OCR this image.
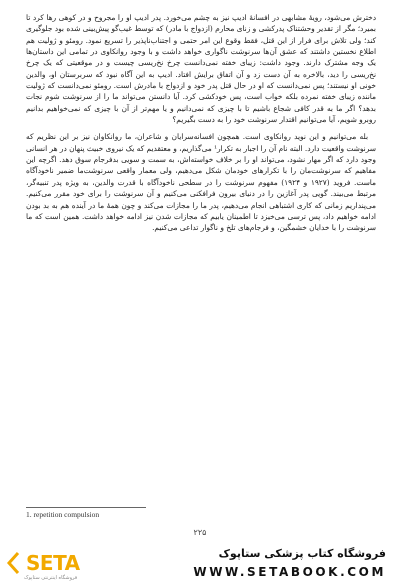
دخترش می‌شود، رویهٔ مشابهی در افسانهٔ ادیپ نیز به چشم می‌خورد. پدر ادیپ او را مجروح و در کوهی رها کرد تا بمیرد؛ مگر از تقدیر وحشتناک پدرکشی و زنای محارم (ازدواج با مادر) که توسط غیب‌گو پیش‌بینی شده بود جلوگیری کند؛ ولی تلاش برای فرار از این قتل، فقط وقوع این امر حتمی و اجتناب‌ناپذیر را تسریع نمود. رومئو و ژولیت هم اطلاع نخستین داشتند که عشق آن‌ها سرنوشت ناگواری خواهد داشت و با وجود روانکاوی در تمامی این داستان‌ها یک وجه مشترک دارند. وجود داشت: زیبای خفته نمی‌دانست چرخ نخ‌ریسی چیست و در موقعیتی که یک چرخ نخ‌ریسی را دید، بالاخره به آن دست زد و آن اتفاق برایش افتاد. ادیپ به این آگاه نبود که سربرستان او، والدین خونی او نیستند؛ پس نمی‌دانست که او در حال قتل پدر خود و ازدواج با مادرش است. رومئو نمی‌دانست که ژولیت ماننده زیبای خفته نمرده بلکه خواب است، پس خودکشی کرد. آیا دانستن می‌تواند ما را از سرنوشت شوم نجات بدهد؟ اگر ما به قدر کافی شجاع باشیم تا با چیزی که نمی‌دانیم و یا مهم‌تر از آن با چیزی که نمی‌خواهیم بدانیم روبرو شویم، آیا می‌توانیم اقتدار سرنوشت خود را به دست بگیریم؟

بله می‌توانیم و این نوید روانکاوی است. همچون افسانه‌سرایان و شاعران، ما روانکاوان نیز بر این نظریم که سرنوشت واقعیت دارد. البته نام آن را اجبار به تکرار¹ می‌گذاریم، و معتقدیم که یک نیروی خبیث پنهان در هر انسانی وجود دارد که اگر مهار نشود، می‌تواند او را بر خلاف خواسته‌اش، به سمت و سویی بدفرجام سوق دهد. اگرچه این مفاهیم که سرنوشت‌مان را با تکرارهای خودمان شکل می‌دهیم، ولی معمار واقعی سرنوشت‌ما ضمیر ناخودآگاه ماست. فروید (۱۹۲۷ و ۱۹۲۴) مفهوم سرنوشت را در سطحی ناخودآگاه با قدرت والدین، به ویژه پدر تنبیه‌گر، مرتبط می‌بیند. گویی پدر آغازین را در دنیای بیرون فرافکنی می‌کنیم و آن سرنوشت را برای خود مقرر می‌کنیم. می‌پنداریم زمانی که کاری اشتباهی انجام می‌دهیم، پدر ما را مجازات می‌کند و چون همهٔ ما در آینده هم به بد بودن ادامه خواهیم داد، پس ترسی می‌خیزد تا اطمینان یابیم که مجازات شدن نیز ادامه خواهد داشت. همین است که ما سرنوشت را با خدایان خشمگین، و فرجام‌های تلخ و ناگوار تداعی می‌کنیم.

1. repetition compulsion
۲۲۵
SETA
فروشگاه اینترنتی ستاپوک
فروشگاه کتاب پزشکی ستاپوک
WWW.SETABOOK.COM
